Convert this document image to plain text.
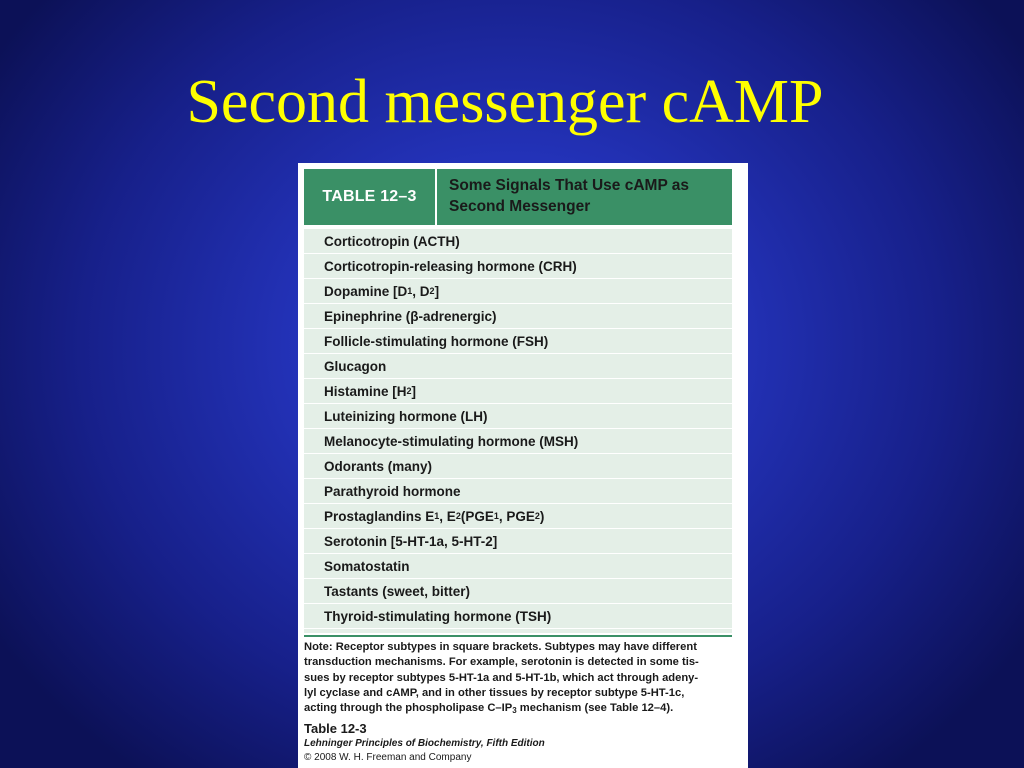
Second messenger cAMP
TABLE 12–3
Some Signals That Use cAMP as
Second Messenger
Corticotropin (ACTH)
Corticotropin-releasing hormone (CRH)
Dopamine [D 1 , D 2 ]
Epinephrine (β-adrenergic)
Follicle-stimulating hormone (FSH)
Glucagon
Histamine [H 2 ]
Luteinizing hormone (LH)
Melanocyte-stimulating hormone (MSH)
Odorants (many)
Parathyroid hormone
Prostaglandins E 1 , E 2 (PGE 1 , PGE 2 )
Serotonin [5-HT-1a, 5-HT-2]
Somatostatin
Tastants (sweet, bitter)
Thyroid-stimulating hormone (TSH)
Note: Receptor subtypes in square brackets. Subtypes may have different
transduction mechanisms. For example, serotonin is detected in some tis-
sues by receptor subtypes 5-HT-1a and 5-HT-1b, which act through adeny-
lyl cyclase and cAMP, and in other tissues by receptor subtype 5-HT-1c,
acting through the phospholipase $C-IP_3$ mechanism (see Table 12–4).
Table 12-3
Lehninger Principles of Biochemistry, Fifth Edition
© 2008 W. H. Freeman and Company
